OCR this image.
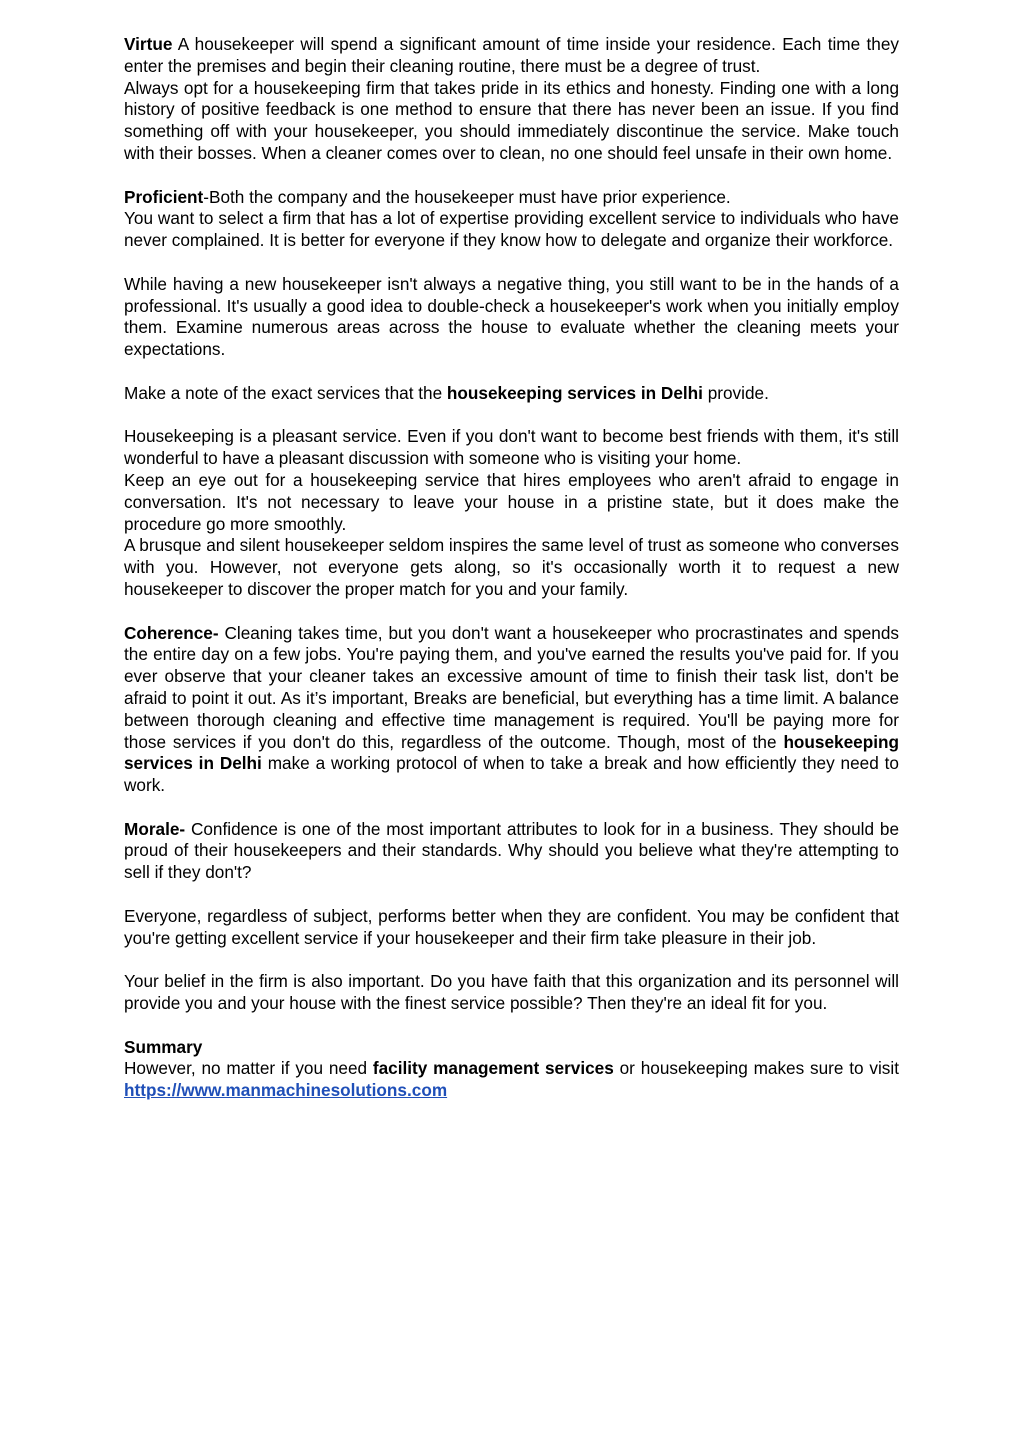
Virtue A housekeeper will spend a significant amount of time inside your residence. Each time they enter the premises and begin their cleaning routine, there must be a degree of trust.

Always opt for a housekeeping firm that takes pride in its ethics and honesty. Finding one with a long history of positive feedback is one method to ensure that there has never been an issue. If you find something off with your housekeeper, you should immediately discontinue the service. Make touch with their bosses. When a cleaner comes over to clean, no one should feel unsafe in their own home.

Proficient-Both the company and the housekeeper must have prior experience.

You want to select a firm that has a lot of expertise providing excellent service to individuals who have never complained. It is better for everyone if they know how to delegate and organize their workforce.

While having a new housekeeper isn't always a negative thing, you still want to be in the hands of a professional. It's usually a good idea to double-check a housekeeper's work when you initially employ them. Examine numerous areas across the house to evaluate whether the cleaning meets your expectations.

Make a note of the exact services that the housekeeping services in Delhi provide.

Housekeeping is a pleasant service. Even if you don't want to become best friends with them, it's still wonderful to have a pleasant discussion with someone who is visiting your home.

Keep an eye out for a housekeeping service that hires employees who aren't afraid to engage in conversation. It's not necessary to leave your house in a pristine state, but it does make the procedure go more smoothly.

A brusque and silent housekeeper seldom inspires the same level of trust as someone who converses with you. However, not everyone gets along, so it's occasionally worth it to request a new housekeeper to discover the proper match for you and your family.

Coherence- Cleaning takes time, but you don't want a housekeeper who procrastinates and spends the entire day on a few jobs. You're paying them, and you've earned the results you've paid for. If you ever observe that your cleaner takes an excessive amount of time to finish their task list, don't be afraid to point it out. As it’s important, Breaks are beneficial, but everything has a time limit. A balance between thorough cleaning and effective time management is required. You'll be paying more for those services if you don't do this, regardless of the outcome. Though, most of the housekeeping services in Delhi make a working protocol of when to take a break and how efficiently they need to work.

Morale- Confidence is one of the most important attributes to look for in a business. They should be proud of their housekeepers and their standards. Why should you believe what they're attempting to sell if they don't?

Everyone, regardless of subject, performs better when they are confident. You may be confident that you're getting excellent service if your housekeeper and their firm take pleasure in their job.

Your belief in the firm is also important. Do you have faith that this organization and its personnel will provide you and your house with the finest service possible? Then they're an ideal fit for you.

Summary

However, no matter if you need facility management services or housekeeping makes sure to visit https://www.manmachinesolutions.com
